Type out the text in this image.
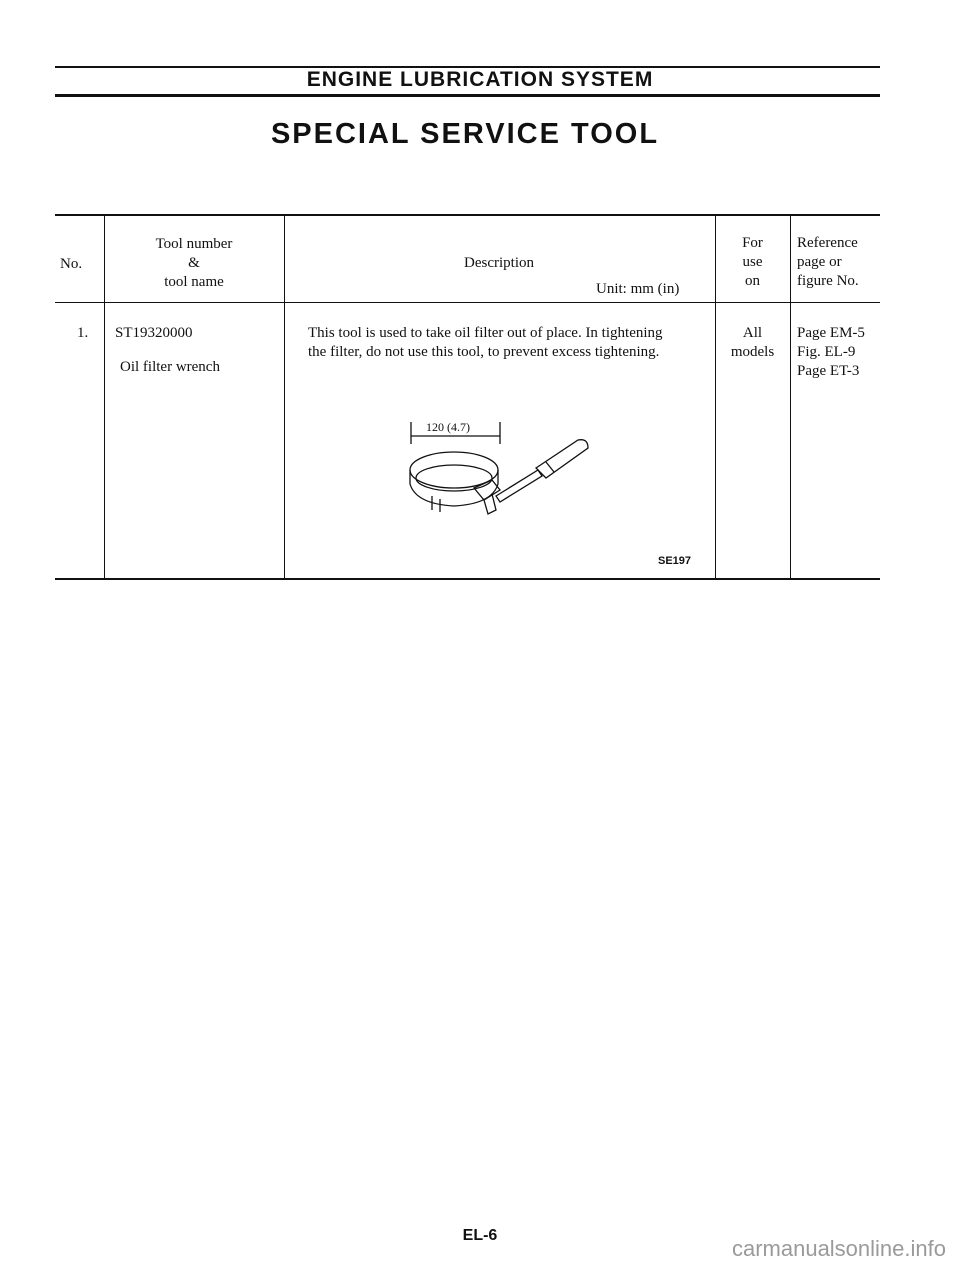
ENGINE LUBRICATION SYSTEM
SPECIAL SERVICE TOOL
No.
Tool number
&
tool name
Description
Unit: mm (in)
For
use
on
Reference
page or
figure No.
1. ST19320000
Oil filter wrench
This tool is used to take oil filter out of place. In tightening
the filter, do not use this tool, to prevent excess tightening.
120 (4.7)
SE197
All
models
Page EM-5
Fig. EL-9
Page ET-3
EL-6
carmanualsonline.info
